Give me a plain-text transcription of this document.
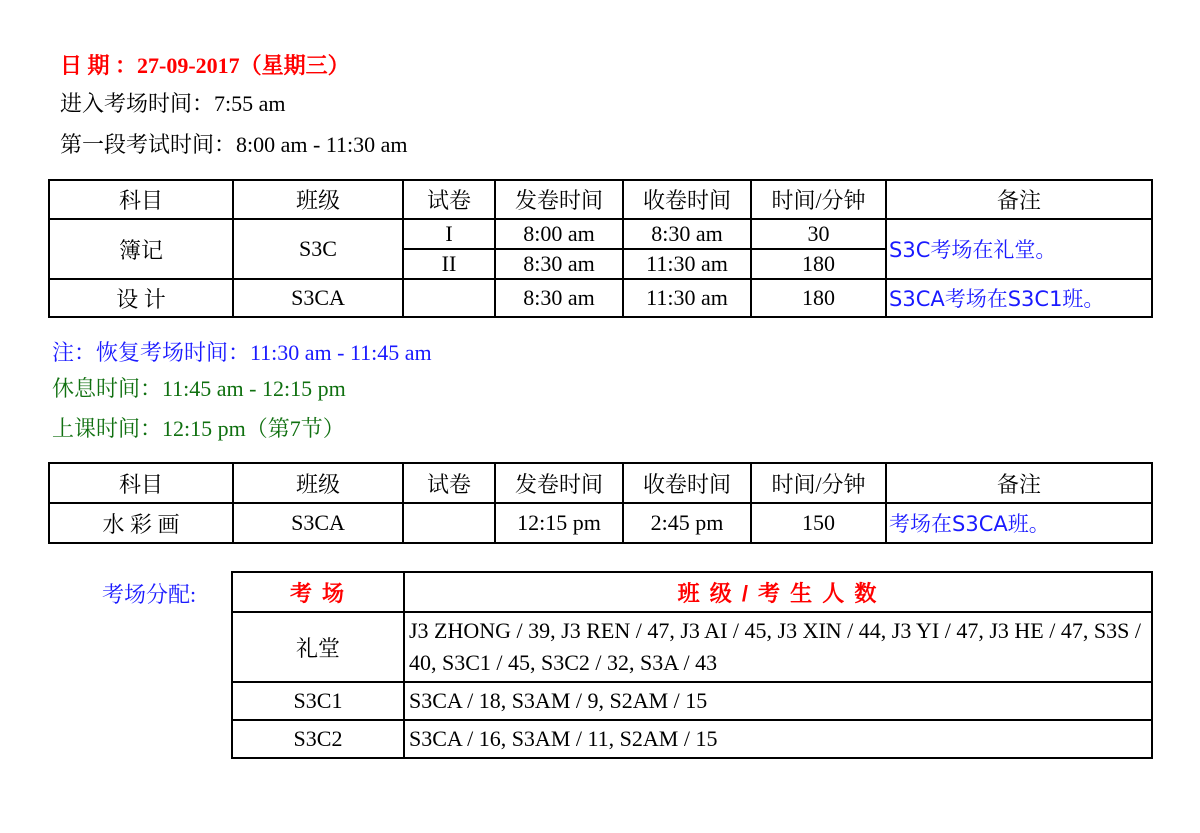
日 期 ：27-09-2017（星期三）
进入考场时间：7:55 am
第一段考试时间：8:00 am - 11:30 am
科目	班级	试卷	发卷时间	收卷时间	时间/分钟	备注
簿记	S3C	I	8:00 am	8:30 am	30	S3C考场在礼堂。
		II	8:30 am	11:30 am	180	
设 计	S3CA		8:30 am	11:30 am	180	S3CA考场在S3C1班。
注：恢复考场时间：11:30 am - 11:45 am
休息时间：11:45 am - 12:15 pm
上课时间：12:15 pm（第7节）
科目	班级	试卷	发卷时间	收卷时间	时间/分钟	备注
水 彩 画	S3CA		12:15 pm	2:45 pm	150	考场在S3CA班。
考场分配:	考 场	班 级 / 考 生 人 数
礼堂	J3 ZHONG / 39, J3 REN / 47, J3 AI / 45, J3 XIN / 44, J3 YI / 47, J3 HE / 47, S3S / 40, S3C1 / 45, S3C2 / 32, S3A / 43
S3C1	S3CA / 18, S3AM / 9, S2AM / 15
S3C2	S3CA / 16, S3AM / 11, S2AM / 15
